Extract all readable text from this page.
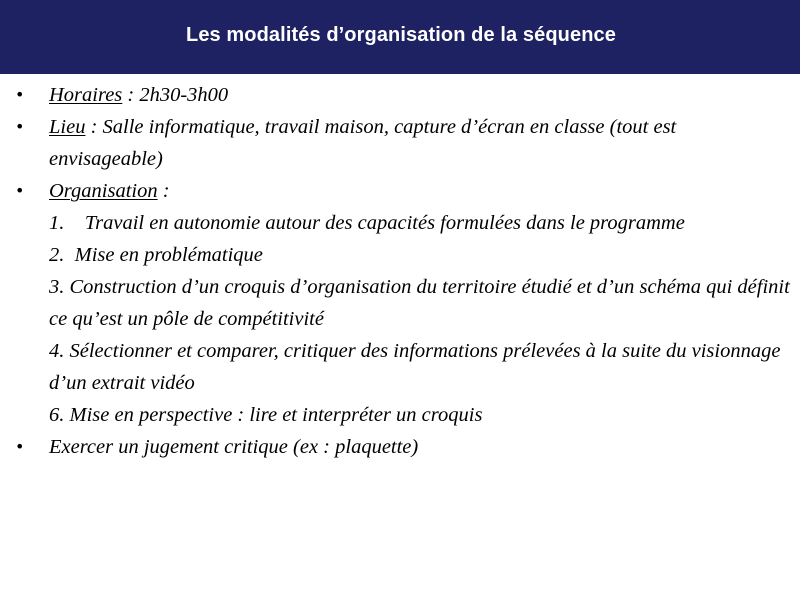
Les modalités d’organisation de la séquence
• Horaires : 2h30-3h00
• Lieu : Salle informatique, travail maison, capture d’écran en classe (tout est envisageable)
• Organisation :
1.    Travail en autonomie autour des capacités formulées dans le programme
2.  Mise en problématique
3. Construction d’un croquis d’organisation du territoire étudié et d’un schéma qui définit ce qu’est un pôle de compétitivité
4. Sélectionner et comparer, critiquer des informations prélevées à la suite du visionnage d’un extrait vidéo
6. Mise en perspective : lire et interpréter un croquis
• Exercer un jugement critique (ex : plaquette)
